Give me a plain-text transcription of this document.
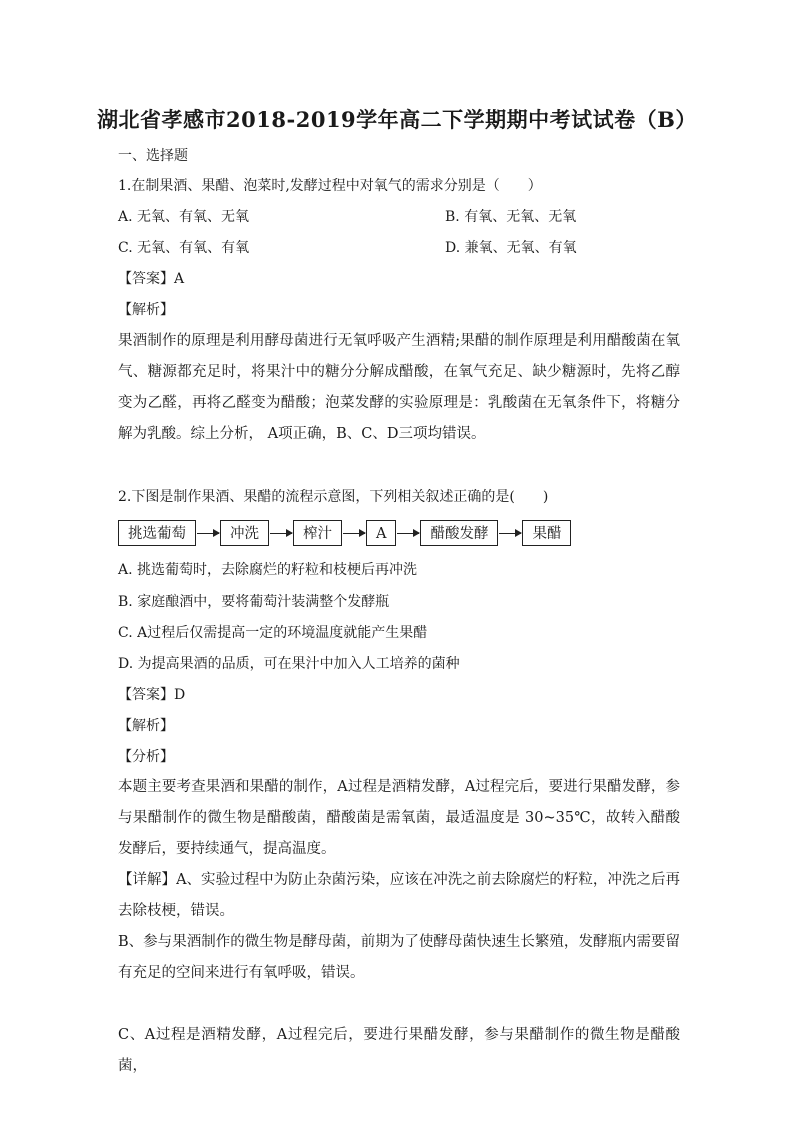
湖北省孝感市2018-2019学年高二下学期期中考试试卷（B）
一、选择题
1.在制果酒、果醋、泡菜时,发酵过程中对氧气的需求分别是（　　）
A. 无氧、有氧、无氧	B. 有氧、无氧、无氧
C. 无氧、有氧、有氧	D. 兼氧、无氧、有氧
【答案】A
【解析】
果酒制作的原理是利用酵母菌进行无氧呼吸产生酒精;果醋的制作原理是利用醋酸菌在氧气、糖源都充足时，将果汁中的糖分分解成醋酸，在氧气充足、缺少糖源时，先将乙醇变为乙醛，再将乙醛变为醋酸；泡菜发酵的实验原理是：乳酸菌在无氧条件下，将糖分解为乳酸。综上分析， A项正确，B、C、D三项均错误。
2.下图是制作果酒、果醋的流程示意图，下列相关叙述正确的是(　　)
挑选葡萄	冲洗	榨汁	A	醋酸发酵	果醋
A. 挑选葡萄时，去除腐烂的籽粒和枝梗后再冲洗
B. 家庭酿酒中，要将葡萄汁装满整个发酵瓶
C. A过程后仅需提高一定的环境温度就能产生果醋
D. 为提高果酒的品质，可在果汁中加入人工培养的菌种
【答案】D
【解析】
【分析】
本题主要考查果酒和果醋的制作，A过程是酒精发酵，A过程完后，要进行果醋发酵，参与果醋制作的微生物是醋酸菌，醋酸菌是需氧菌，最适温度是 30~35℃，故转入醋酸发酵后，要持续通气，提高温度。
【详解】A、实验过程中为防止杂菌污染，应该在冲洗之前去除腐烂的籽粒，冲洗之后再去除枝梗，错误。
B、参与果酒制作的微生物是酵母菌，前期为了使酵母菌快速生长繁殖，发酵瓶内需要留有充足的空间来进行有氧呼吸，错误。
C、A过程是酒精发酵，A过程完后，要进行果醋发酵，参与果醋制作的微生物是醋酸菌，
